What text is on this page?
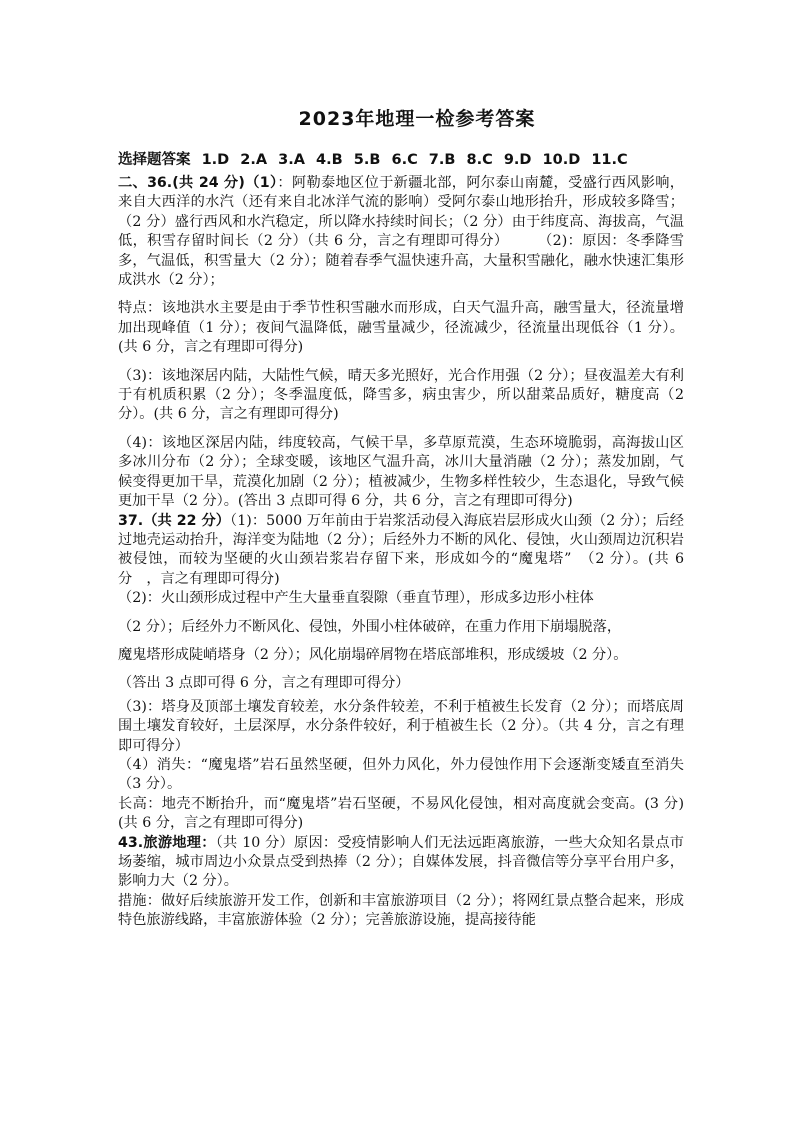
2023年地理一检参考答案
选择题答案 1.D 2.A 3.A 4.B 5.B 6.C 7.B 8.C 9.D 10.D 11.C

二、36.(共 24 分)（1）：阿勒泰地区位于新疆北部，阿尔泰山南麓，受盛行西风影响，来自大西洋的水汽（还有来自北冰洋气流的影响）受阿尔泰山地形抬升，形成较多降雪；（2 分）盛行西风和水汽稳定，所以降水持续时间长；（2 分）由于纬度高、海拔高，气温低，积雪存留时间长（2 分）（共 6 分，言之有理即可得分）　　　（2)：原因：冬季降雪多，气温低，积雪量大（2 分）；随着春季气温快速升高，大量积雪融化，融水快速汇集形成洪水（2 分）；

特点：该地洪水主要是由于季节性积雪融水而形成，白天气温升高，融雪量大，径流量增加出现峰值（1 分）；夜间气温降低，融雪量减少，径流减少，径流量出现低谷（1 分）。(共 6 分，言之有理即可得分)

（3)：该地深居内陆，大陆性气候，晴天多光照好，光合作用强（2 分）；昼夜温差大有利于有机质积累（2 分）；冬季温度低，降雪多，病虫害少，所以甜菜品质好，糖度高（2 分）。(共 6 分，言之有理即可得分)

（4)：该地区深居内陆，纬度较高，气候干旱，多草原荒漠，生态环境脆弱，高海拔山区多冰川分布（2 分）；全球变暖，该地区气温升高，冰川大量消融（2 分）；蒸发加剧，气候变得更加干旱，荒漠化加剧（2 分）；植被减少，生物多样性较少，生态退化，导致气候更加干旱（2 分）。(答出 3 点即可得 6 分，共 6 分，言之有理即可得分)

37.（共 22 分）（1)：5000 万年前由于岩浆活动侵入海底岩层形成火山颈（2 分）；后经过地壳运动抬升，海洋变为陆地（2 分）；后经外力不断的风化、侵蚀，火山颈周边沉积岩被侵蚀，而较为坚硬的火山颈岩浆岩存留下来，形成如今的“魔鬼塔”　（2 分）。(共 6 分　，言之有理即可得分)

（2)：火山颈形成过程中产生大量垂直裂隙（垂直节理），形成多边形小柱体

（2 分）；后经外力不断风化、侵蚀，外围小柱体破碎，在重力作用下崩塌脱落，

魔鬼塔形成陡峭塔身（2 分）；风化崩塌碎屑物在塔底部堆积，形成缓坡（2 分）。

（答出 3 点即可得 6 分，言之有理即可得分）

（3)：塔身及顶部土壤发育较差，水分条件较差，不利于植被生长发育（2 分）；而塔底周围土壤发育较好，土层深厚，水分条件较好，利于植被生长（2 分）。（共 4 分，言之有理即可得分）

（4）消失：“魔鬼塔”岩石虽然坚硬，但外力风化，外力侵蚀作用下会逐渐变矮直至消失（3 分）。

长高：地壳不断抬升，而“魔鬼塔”岩石坚硬，不易风化侵蚀，相对高度就会变高。(3 分) (共 6 分，言之有理即可得分)

43.旅游地理：（共 10 分）原因：受疫情影响人们无法远距离旅游，一些大众知名景点市场萎缩，城市周边小众景点受到热捧（2 分）；自媒体发展，抖音微信等分享平台用户多，影响力大（2 分）。

措施：做好后续旅游开发工作，创新和丰富旅游项目（2 分）；将网红景点整合起来，形成特色旅游线路，丰富旅游体验（2 分）；完善旅游设施，提高接待能
